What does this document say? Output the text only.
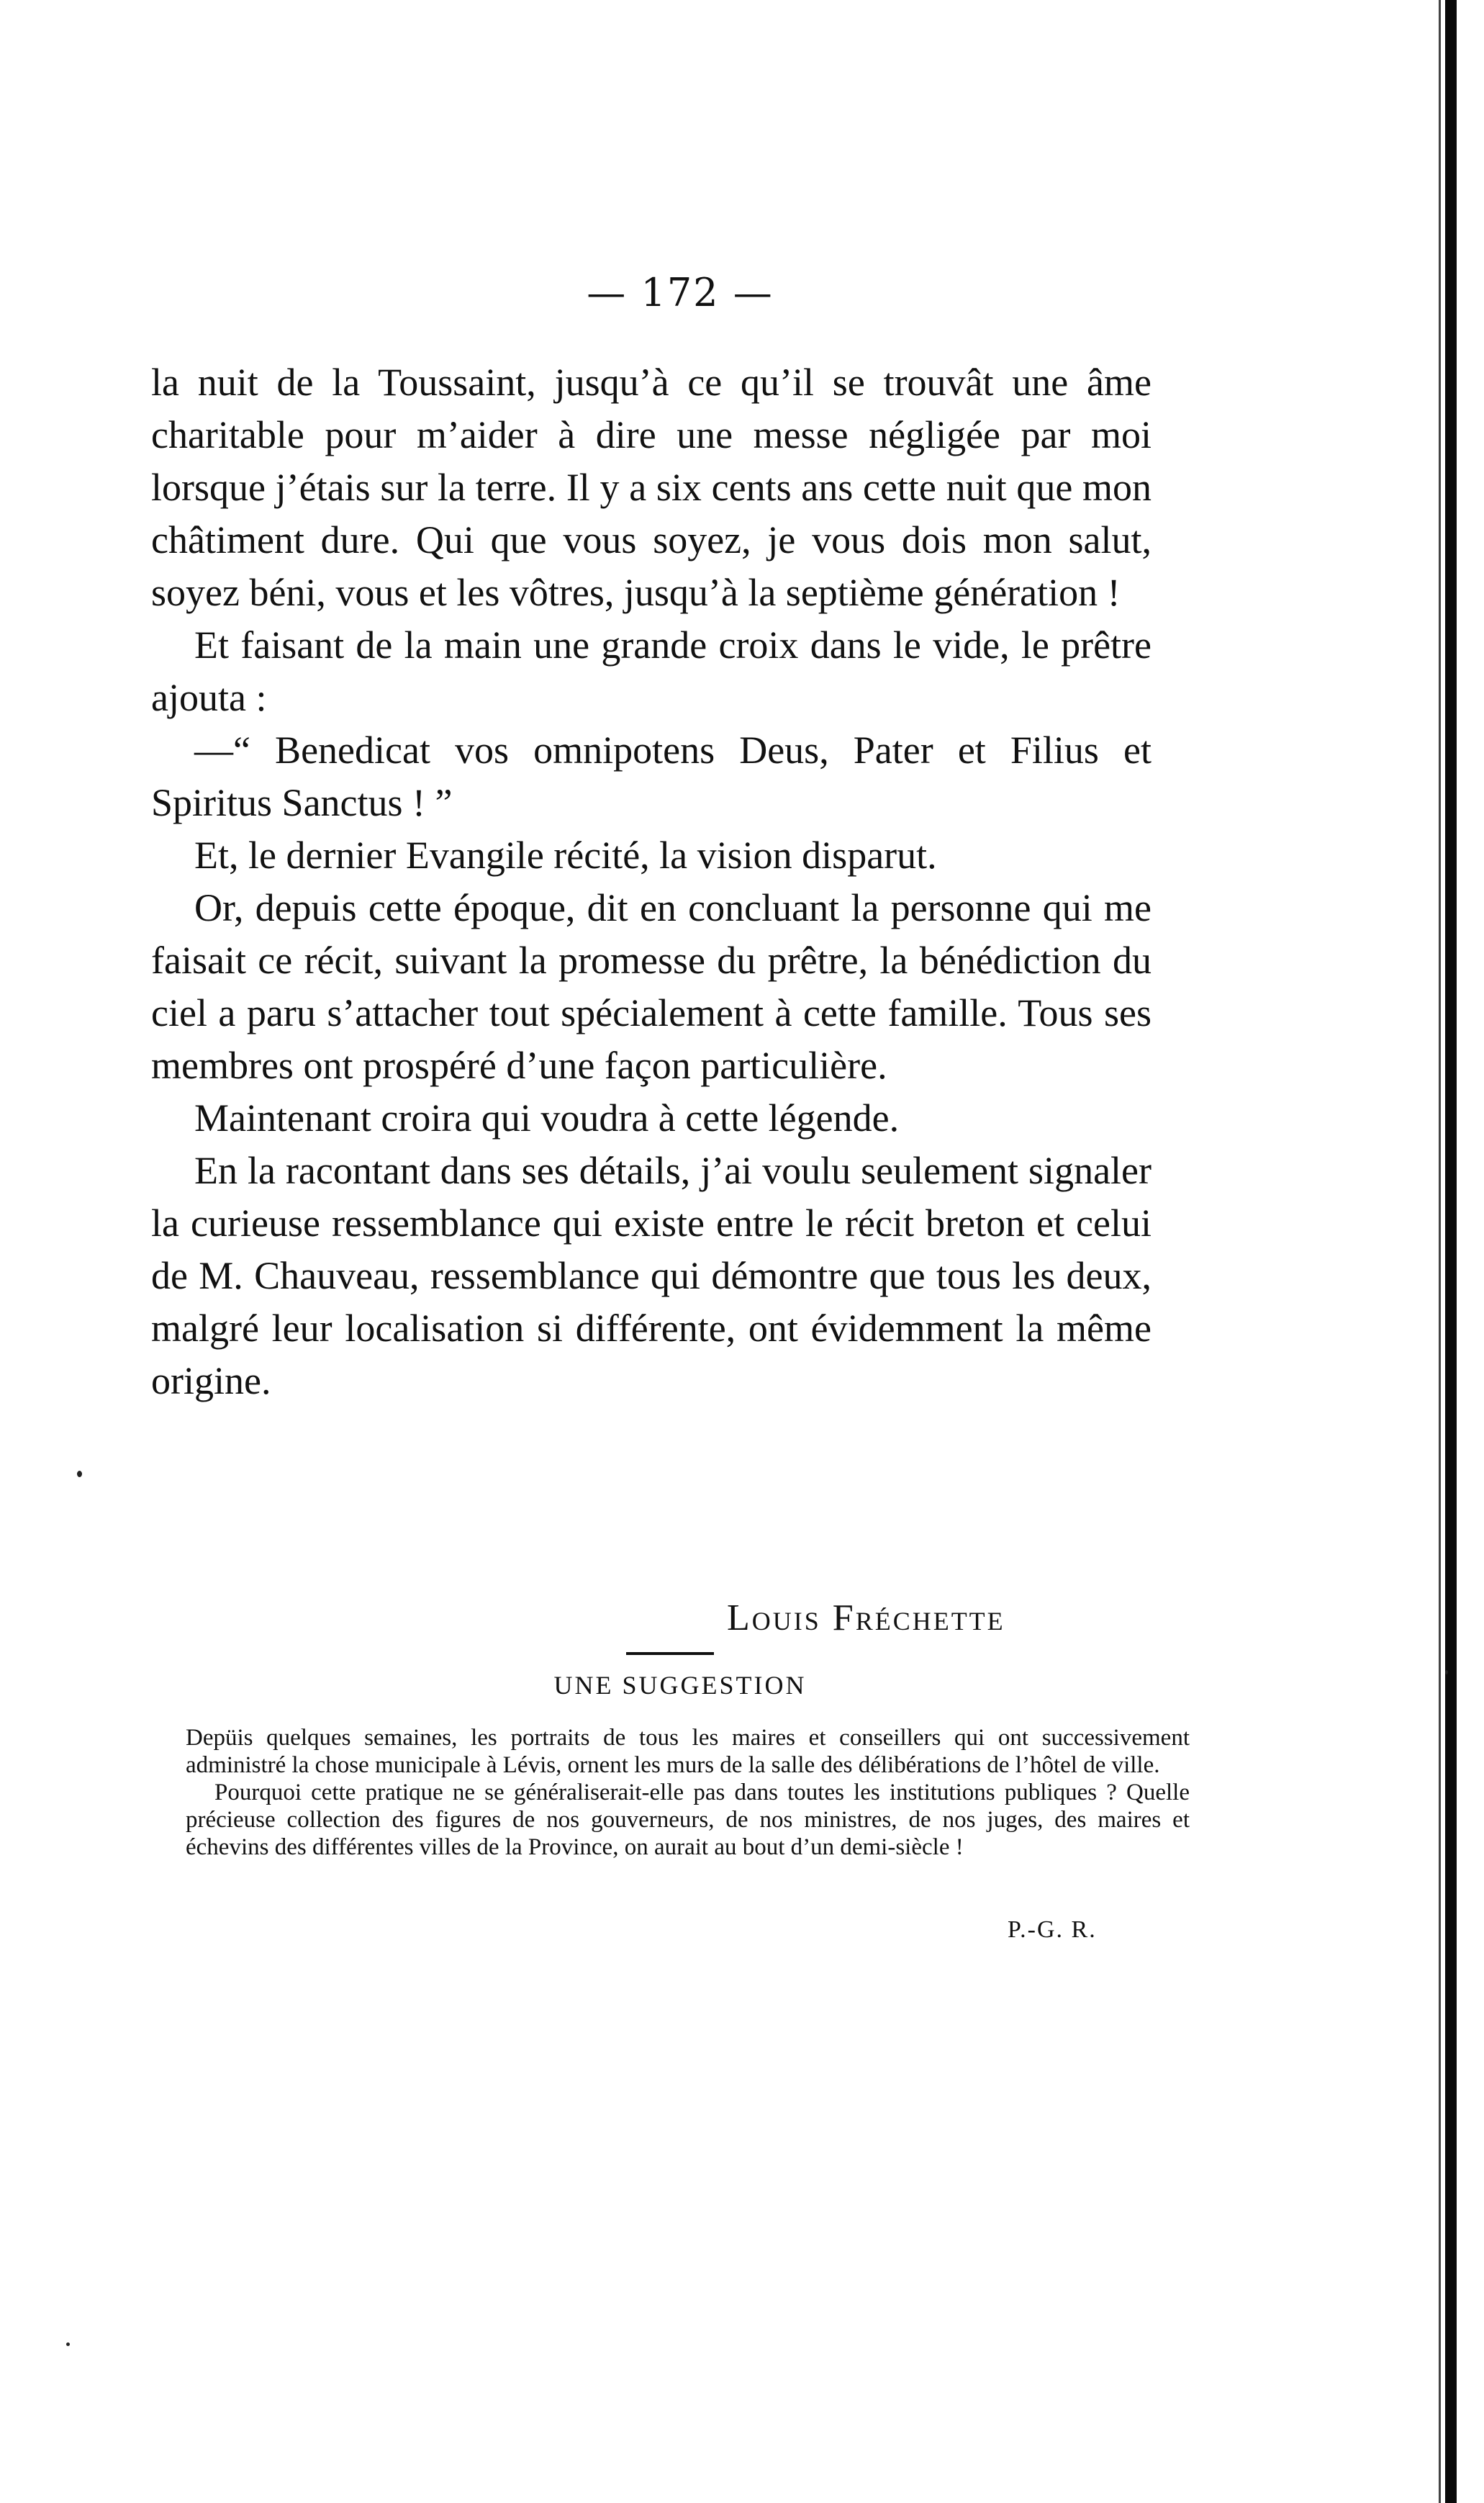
— 172 —

la nuit de la Toussaint, jusqu’à ce qu’il se trouvât une âme charitable pour m’aider à dire une messe négligée par moi lorsque j’étais sur la terre. Il y a six cents ans cette nuit que mon châtiment dure. Qui que vous soyez, je vous dois mon salut, soyez béni, vous et les vôtres, jusqu’à la septième génération !

Et faisant de la main une grande croix dans le vide, le prêtre ajouta :

—“ Benedicat vos omnipotens Deus, Pater et Filius et Spiritus Sanctus ! ”

Et, le dernier Evangile récité, la vision disparut.

Or, depuis cette époque, dit en concluant la personne qui me faisait ce récit, suivant la promesse du prêtre, la bénédiction du ciel a paru s’attacher tout spécialement à cette famille. Tous ses membres ont prospéré d’une façon particulière.

Maintenant croira qui voudra à cette légende.

En la racontant dans ses détails, j’ai voulu seulement signaler la curieuse ressemblance qui existe entre le récit breton et celui de M. Chauveau, ressemblance qui démontre que tous les deux, malgré leur localisation si différente, ont évidemment la même origine.

Louis Fréchette
UNE SUGGESTION

Depüis quelques semaines, les portraits de tous les maires et conseillers qui ont successivement administré la chose municipale à Lévis, ornent les murs de la salle des délibérations de l’hôtel de ville.

Pourquoi cette pratique ne se généraliserait-elle pas dans toutes les institutions publiques ? Quelle précieuse collection des figures de nos gouverneurs, de nos ministres, de nos juges, des maires et échevins des différentes villes de la Province, on aurait au bout d’un demi-siècle !

P.-G. R.
